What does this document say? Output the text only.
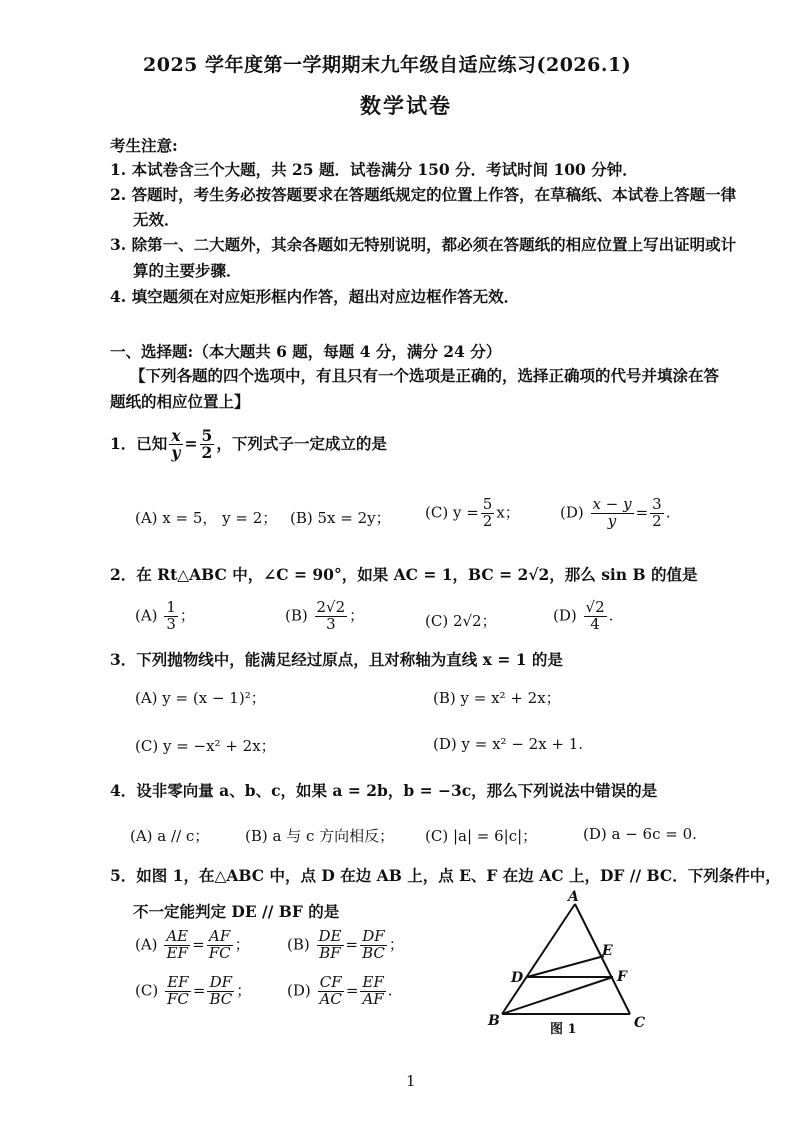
2025 学年度第一学期期末九年级自适应练习(2026.1)
数学试卷
考生注意:
1. 本试卷含三个大题，共 25 题．试卷满分 150 分．考试时间 100 分钟．
2. 答题时，考生务必按答题要求在答题纸规定的位置上作答，在草稿纸、本试卷上答题一律
无效．
3. 除第一、二大题外，其余各题如无特别说明，都必须在答题纸的相应位置上写出证明或计
算的主要步骤．
4. 填空题须在对应矩形框内作答，超出对应边框作答无效．
一、选择题:（本大题共 6 题，每题 4 分，满分 24 分）
【下列各题的四个选项中，有且只有一个选项是正确的，选择正确项的代号并填涂在答
题纸的相应位置上】
1．已知 $\frac{x}{y} = \frac{5}{2}$ ，下列式子一定成立的是
(A) x = 5， y = 2； (B) 5x = 2y； (C) $y = \frac{5}{2}$ x；	$(D) \frac{x - y}{y} = \frac{3}{2}$ .
2．在 Rt△ABC 中，∠C = 90°，如果 AC = 1，BC = 2√2，那么 sin B 的值是
$(A) \frac{1}{3}$ ；	$(B) \frac{2√2}{3}$ ；	(C) 2√2；	$(D) \frac{√2}{4}$ .
3．下列抛物线中，能满足经过原点，且对称轴为直线 x = 1 的是
(A) y = (x − 1)²；	(B) y = x² + 2x；
(C) y = −x² + 2x；	(D) y = x² − 2x + 1.
4．设非零向量 a、b、c，如果 a = 2b，b = −3c，那么下列说法中错误的是
(A) a // c； (B) a 与 c 方向相反； (C) |a| = 6|c|；	(D) a − 6c = 0.
5．如图 1，在△ABC 中，点 D 在边 AB 上，点 E、F 在边 AC 上，DF // BC．下列条件中，
不一定能判定 DE // BF 的是
$(A) \frac{AE}{EF} = \frac{AF}{FC}$ ； $(B) \frac{DE}{BF} = \frac{DF}{BC}$ ；
$(C) \frac{EF}{FC} = \frac{DF}{BC}$ ； $(D) \frac{CF}{AC} = \frac{EF}{AF}$ .
A
B	C
D
E
F
图 1
1
